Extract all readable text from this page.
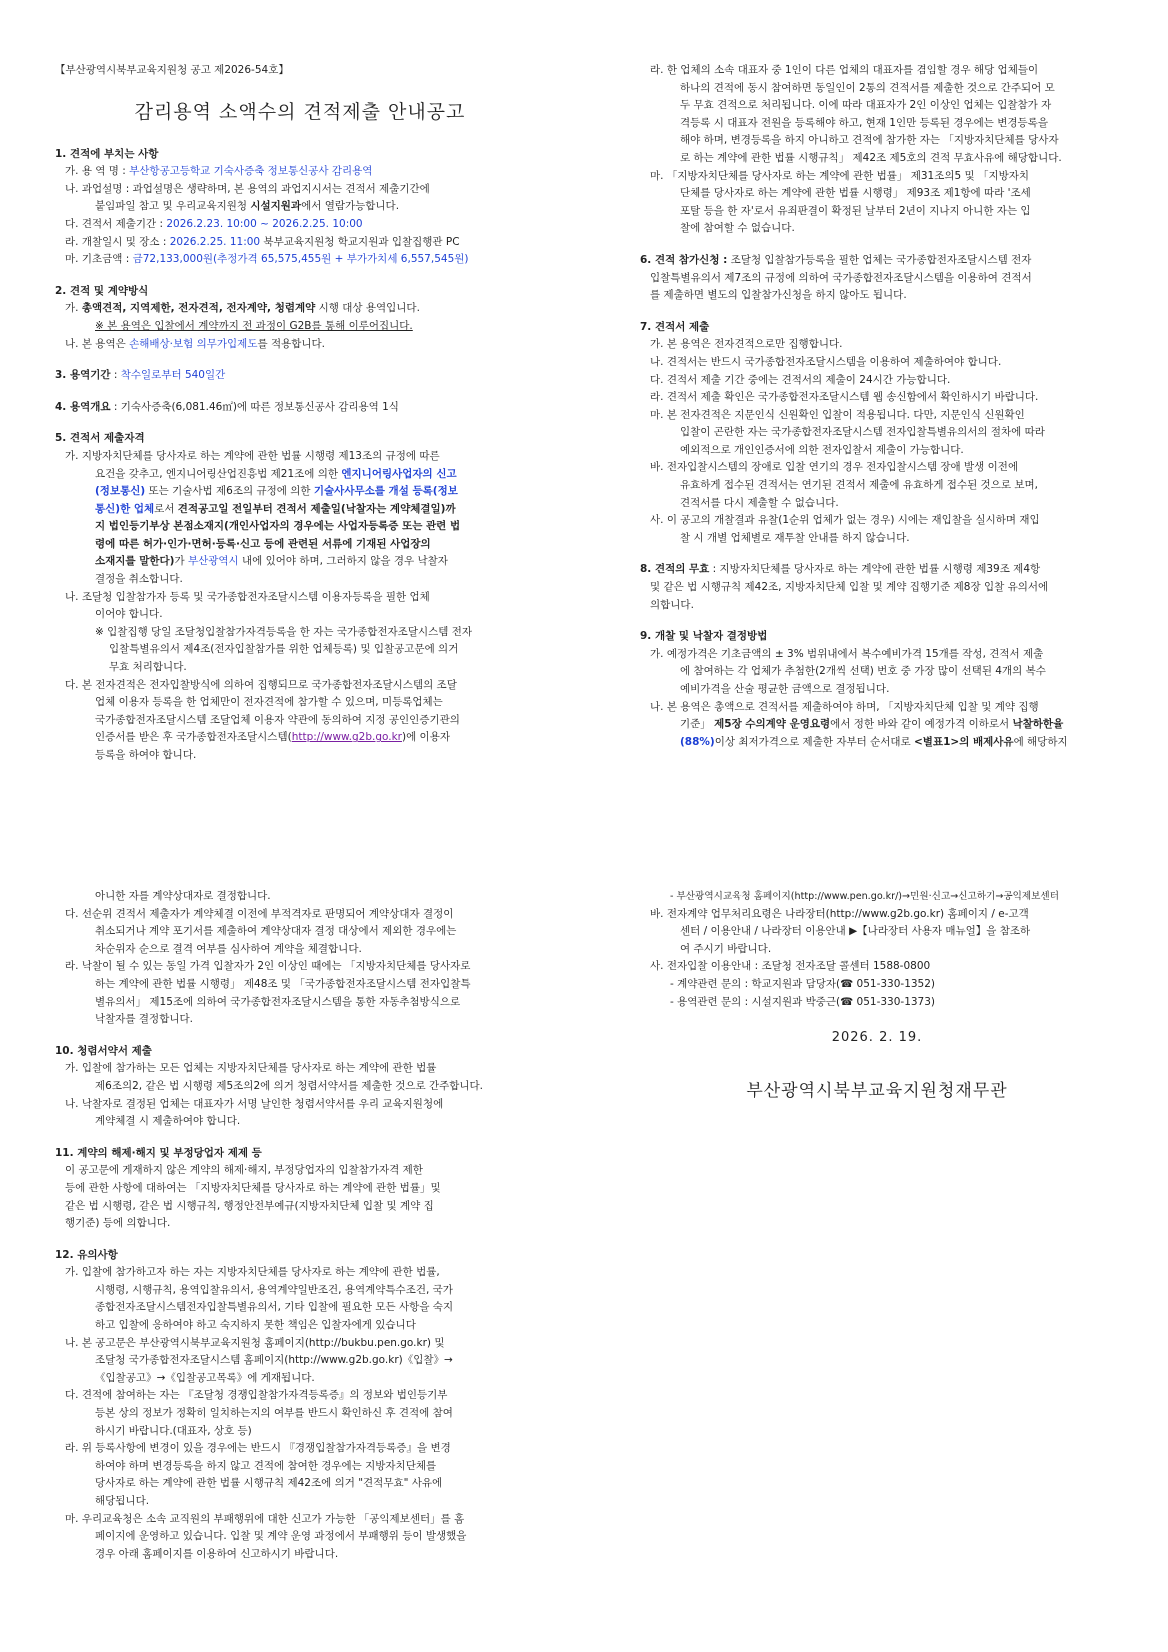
【부산광역시북부교육지원청 공고 제2026-54호】

감리용역 소액수의 견적제출 안내공고

1. 견적에 부치는 사항

가. 용 역 명 : 부산항공고등학교 기숙사증축 정보통신공사 감리용역

나. 과업설명 : 과업설명은 생략하며, 본 용역의 과업지시서는 견적서 제출기간에

붙임파일 참고 및 우리교육지원청 시설지원과에서 열람가능합니다.

다. 견적서 제출기간 : 2026.2.23. 10:00 ~ 2026.2.25. 10:00

라. 개찰일시 및 장소 : 2026.2.25. 11:00 북부교육지원청 학교지원과 입찰집행관 PC

마. 기초금액 : 금72,133,000원(추정가격 65,575,455원 + 부가가치세 6,557,545원)

2. 견적 및 계약방식

가. 총액견적, 지역제한, 전자견적, 전자계약, 청렴계약 시행 대상 용역입니다.

※ 본 용역은 입찰에서 계약까지 전 과정이 G2B를 통해 이루어집니다.

나. 본 용역은 손해배상·보험 의무가입제도를 적용합니다.

3. 용역기간 : 착수일로부터 540일간

4. 용역개요 : 기숙사증축(6,081.46㎡)에 따른 정보통신공사 감리용역 1식

5. 견적서 제출자격

가. 지방자치단체를 당사자로 하는 계약에 관한 법률 시행령 제13조의 규정에 따른

요건을 갖추고, 엔지니어링산업진흥법 제21조에 의한 엔지니어링사업자의 신고

(정보통신) 또는 기술사법 제6조의 규정에 의한 기술사사무소를 개설 등록(정보

통신)한 업체로서 견적공고일 전일부터 견적서 제출일(낙찰자는 계약체결일)까

지 법인등기부상 본점소재지(개인사업자의 경우에는 사업자등록증 또는 관련 법

령에 따른 허가·인가·면허·등록·신고 등에 관련된 서류에 기재된 사업장의

소재지를 말한다)가 부산광역시 내에 있어야 하며, 그러하지 않을 경우 낙찰자

결정을 취소합니다.

나. 조달청 입찰참가자 등록 및 국가종합전자조달시스템 이용자등록을 필한 업체

이어야 합니다.

※ 입찰집행 당일 조달청입찰참가자격등록을 한 자는 국가종합전자조달시스템 전자

입찰특별유의서 제4조(전자입찰참가를 위한 업체등록) 및 입찰공고문에 의거

무효 처리합니다.

다. 본 전자견적은 전자입찰방식에 의하여 집행되므로 국가종합전자조달시스템의 조달

업체 이용자 등록을 한 업체만이 전자견적에 참가할 수 있으며, 미등록업체는

국가종합전자조달시스템 조달업체 이용자 약관에 동의하여 지정 공인인증기관의

인증서를 받은 후 국가종합전자조달시스템(http://www.g2b.go.kr)에 이용자

등록을 하여야 합니다.

라. 한 업체의 소속 대표자 중 1인이 다른 업체의 대표자를 겸임할 경우 해당 업체들이

하나의 견적에 동시 참여하면 동일인이 2통의 견적서를 제출한 것으로 간주되어 모

두 무효 견적으로 처리됩니다. 이에 따라 대표자가 2인 이상인 업체는 입찰참가 자

격등록 시 대표자 전원을 등록해야 하고, 현재 1인만 등록된 경우에는 변경등록을

해야 하며, 변경등록을 하지 아니하고 견적에 참가한 자는 「지방자치단체를 당사자

로 하는 계약에 관한 법률 시행규칙」 제42조 제5호의 견적 무효사유에 해당합니다.

마. 「지방자치단체를 당사자로 하는 계약에 관한 법률」 제31조의5 및 「지방자치

단체를 당사자로 하는 계약에 관한 법률 시행령」 제93조 제1항에 따라 '조세

포탈 등을 한 자'로서 유죄판결이 확정된 날부터 2년이 지나지 아니한 자는 입

찰에 참여할 수 없습니다.

6. 견적 참가신청 : 조달청 입찰참가등록을 필한 업체는 국가종합전자조달시스템 전자

입찰특별유의서 제7조의 규정에 의하여 국가종합전자조달시스템을 이용하여 견적서

를 제출하면 별도의 입찰참가신청을 하지 않아도 됩니다.

7. 견적서 제출

가. 본 용역은 전자견적으로만 집행합니다.

나. 견적서는 반드시 국가종합전자조달시스템을 이용하여 제출하여야 합니다.

다. 견적서 제출 기간 중에는 견적서의 제출이 24시간 가능합니다.

라. 견적서 제출 확인은 국가종합전자조달시스템 웹 송신함에서 확인하시기 바랍니다.

마. 본 전자견적은 지문인식 신원확인 입찰이 적용됩니다. 다만, 지문인식 신원확인

입찰이 곤란한 자는 국가종합전자조달시스템 전자입찰특별유의서의 절차에 따라

예외적으로 개인인증서에 의한 전자입찰서 제출이 가능합니다.

바. 전자입찰시스템의 장애로 입찰 연기의 경우 전자입찰시스템 장애 발생 이전에

유효하게 접수된 견적서는 연기된 견적서 제출에 유효하게 접수된 것으로 보며,

견적서를 다시 제출할 수 없습니다.

사. 이 공고의 개찰결과 유찰(1순위 업체가 없는 경우) 시에는 재입찰을 실시하며 재입

찰 시 개별 업체별로 재투찰 안내를 하지 않습니다.

8. 견적의 무효 : 지방자치단체를 당사자로 하는 계약에 관한 법률 시행령 제39조 제4항

및 같은 법 시행규칙 제42조, 지방자치단체 입찰 및 계약 집행기준 제8장 입찰 유의서에

의합니다.

9. 개찰 및 낙찰자 결정방법

가. 예정가격은 기초금액의 ± 3% 범위내에서 복수예비가격 15개를 작성, 견적서 제출

에 참여하는 각 업체가 추첨한(2개씩 선택) 번호 중 가장 많이 선택된 4개의 복수

예비가격을 산술 평균한 금액으로 결정됩니다.

나. 본 용역은 총액으로 견적서를 제출하여야 하며, 「지방자치단체 입찰 및 계약 집행

기준」 제5장 수의계약 운영요령에서 정한 바와 같이 예정가격 이하로서 낙찰하한율

(88%)이상 최저가격으로 제출한 자부터 순서대로 <별표1>의 배제사유에 해당하지

아니한 자를 계약상대자로 결정합니다.

다. 선순위 견적서 제출자가 계약체결 이전에 부적격자로 판명되어 계약상대자 결정이

취소되거나 계약 포기서를 제출하여 계약상대자 결정 대상에서 제외한 경우에는

차순위자 순으로 결격 여부를 심사하여 계약을 체결합니다.

라. 낙찰이 될 수 있는 동일 가격 입찰자가 2인 이상인 때에는 「지방자치단체를 당사자로

하는 계약에 관한 법률 시행령」 제48조 및 「국가종합전자조달시스템 전자입찰특

별유의서」 제15조에 의하여 국가종합전자조달시스템을 통한 자동추첨방식으로

낙찰자를 결정합니다.

10. 청렴서약서 제출

가. 입찰에 참가하는 모든 업체는 지방자치단체를 당사자로 하는 계약에 관한 법률

제6조의2, 같은 법 시행령 제5조의2에 의거 청렴서약서를 제출한 것으로 간주합니다.

나. 낙찰자로 결정된 업체는 대표자가 서명 날인한 청렴서약서를 우리 교육지원청에

계약체결 시 제출하여야 합니다.

11. 계약의 해제·해지 및 부정당업자 제제 등

이 공고문에 게재하지 않은 계약의 해제·해지, 부정당업자의 입찰참가자격 제한

등에 관한 사항에 대하여는 「지방자치단체를 당사자로 하는 계약에 관한 법률」및

같은 법 시행령, 같은 법 시행규칙, 행정안전부예규(지방자치단체 입찰 및 계약 집

행기준) 등에 의합니다.

12. 유의사항

가. 입찰에 참가하고자 하는 자는 지방자치단체를 당사자로 하는 계약에 관한 법률,

시행령, 시행규칙, 용역입찰유의서, 용역계약일반조건, 용역계약특수조건, 국가

종합전자조달시스템전자입찰특별유의서, 기타 입찰에 필요한 모든 사항을 숙지

하고 입찰에 응하여야 하고 숙지하지 못한 책임은 입찰자에게 있습니다

나. 본 공고문은 부산광역시북부교육지원청 홈페이지(http://bukbu.pen.go.kr) 및

조달청 국가종합전자조달시스템 홈페이지(http://www.g2b.go.kr)《입찰》→

《입찰공고》→《입찰공고목록》에 게재됩니다.

다. 견적에 참여하는 자는 『조달청 경쟁입찰참가자격등록증』의 정보와 법인등기부

등본 상의 정보가 정확히 일치하는지의 여부를 반드시 확인하신 후 견적에 참여

하시기 바랍니다.(대표자, 상호 등)

라. 위 등록사항에 변경이 있을 경우에는 반드시 『경쟁입찰참가자격등록증』을 변경

하여야 하며 변경등록을 하지 않고 견적에 참여한 경우에는 지방자치단체를

당사자로 하는 계약에 관한 법률 시행규칙 제42조에 의거 "견적무효" 사유에

해당됩니다.

마. 우리교육청은 소속 교직원의 부패행위에 대한 신고가 가능한 「공익제보센터」를 홈

페이지에 운영하고 있습니다. 입찰 및 계약 운영 과정에서 부패행위 등이 발생했을

경우 아래 홈페이지를 이용하여 신고하시기 바랍니다.

- 부산광역시교육청 홈페이지(http://www.pen.go.kr/)→민원·신고→신고하기→공익제보센터

바. 전자계약 업무처리요령은 나라장터(http://www.g2b.go.kr) 홈페이지 / e-고객

센터 / 이용안내 / 나라장터 이용안내 ▶【나라장터 사용자 매뉴얼】을 참조하

여 주시기 바랍니다.

사. 전자입찰 이용안내 : 조달청 전자조달 콜센터 1588-0800

- 계약관련 문의 : 학교지원과 담당자(☎ 051-330-1352)

- 용역관련 문의 : 시설지원과 박중근(☎ 051-330-1373)

2026. 2. 19.
부산광역시북부교육지원청재무관
